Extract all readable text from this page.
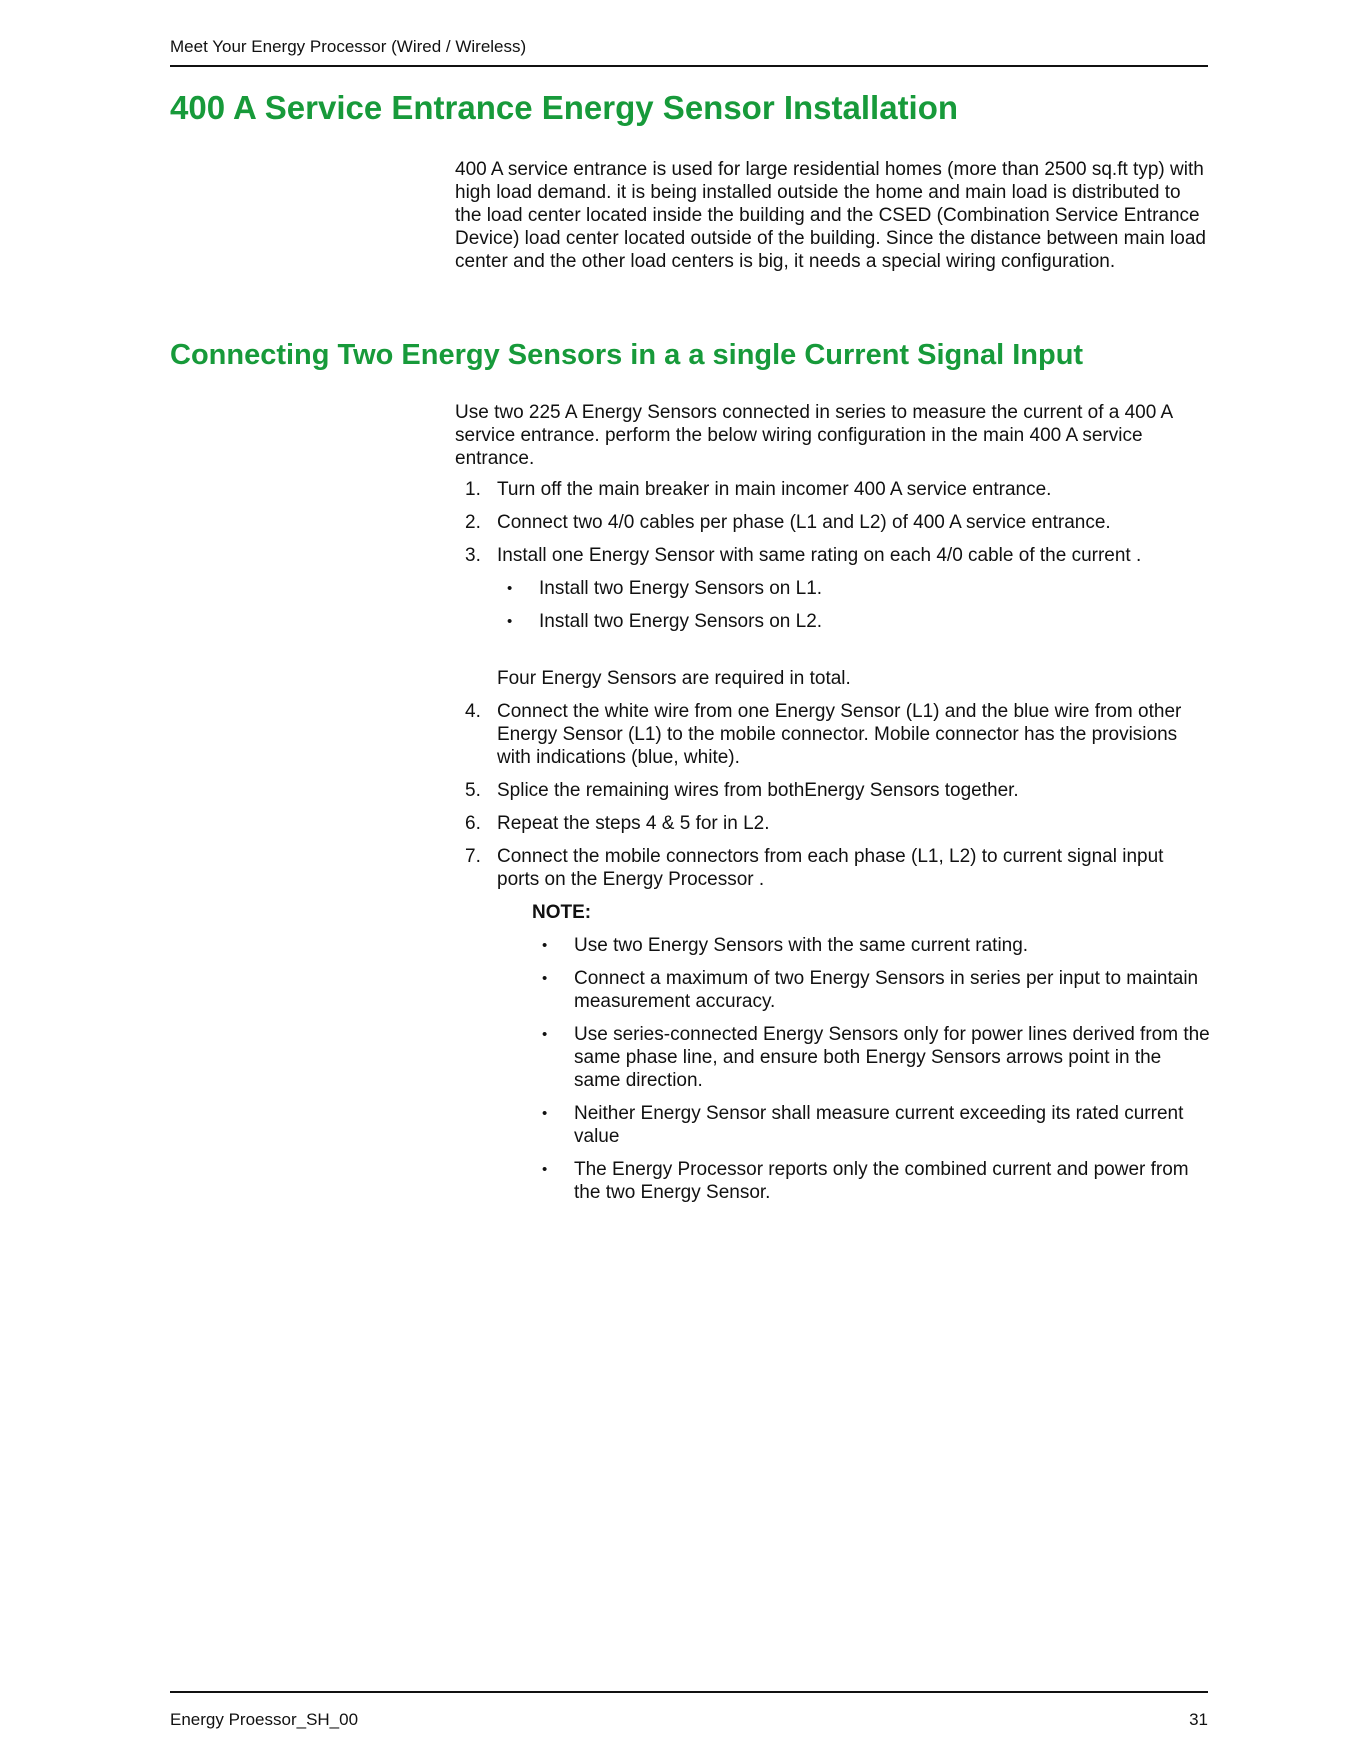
Meet Your Energy Processor (Wired / Wireless)
400 A Service Entrance Energy Sensor Installation

400 A service entrance is used for large residential homes (more than 2500 sq.ft typ) with high load demand. it is being installed outside the home and main load is distributed to the load center located inside the building and the CSED (Combination Service Entrance Device) load center located outside of the building. Since the distance between main load center and the other load centers is big, it needs a special wiring configuration.

Connecting Two Energy Sensors in a a single Current Signal Input

Use two 225 A Energy Sensors connected in series to measure the current of a 400 A service entrance. perform the below wiring configuration in the main 400 A service entrance.

1. Turn off the main breaker in main incomer 400 A service entrance.
2. Connect two 4/0 cables per phase (L1 and L2) of 400 A service entrance.
3. Install one Energy Sensor with same rating on each 4/0 cable of the current .
• Install two Energy Sensors on L1.
• Install two Energy Sensors on L2.
Four Energy Sensors are required in total.
4. Connect the white wire from one Energy Sensor (L1) and the blue wire from other Energy Sensor (L1) to the mobile connector. Mobile connector has the provisions with indications (blue, white).
5. Splice the remaining wires from bothEnergy Sensors together.
6. Repeat the steps 4 & 5 for in L2.
7. Connect the mobile connectors from each phase (L1, L2) to current signal input ports on the Energy Processor .
NOTE:
• Use two Energy Sensors with the same current rating.
• Connect a maximum of two Energy Sensors in series per input to maintain measurement accuracy.
• Use series-connected Energy Sensors only for power lines derived from the same phase line, and ensure both Energy Sensors arrows point in the same direction.
• Neither Energy Sensor shall measure current exceeding its rated current value
• The Energy Processor reports only the combined current and power from the two Energy Sensor.
Energy Proessor_SH_00	31
